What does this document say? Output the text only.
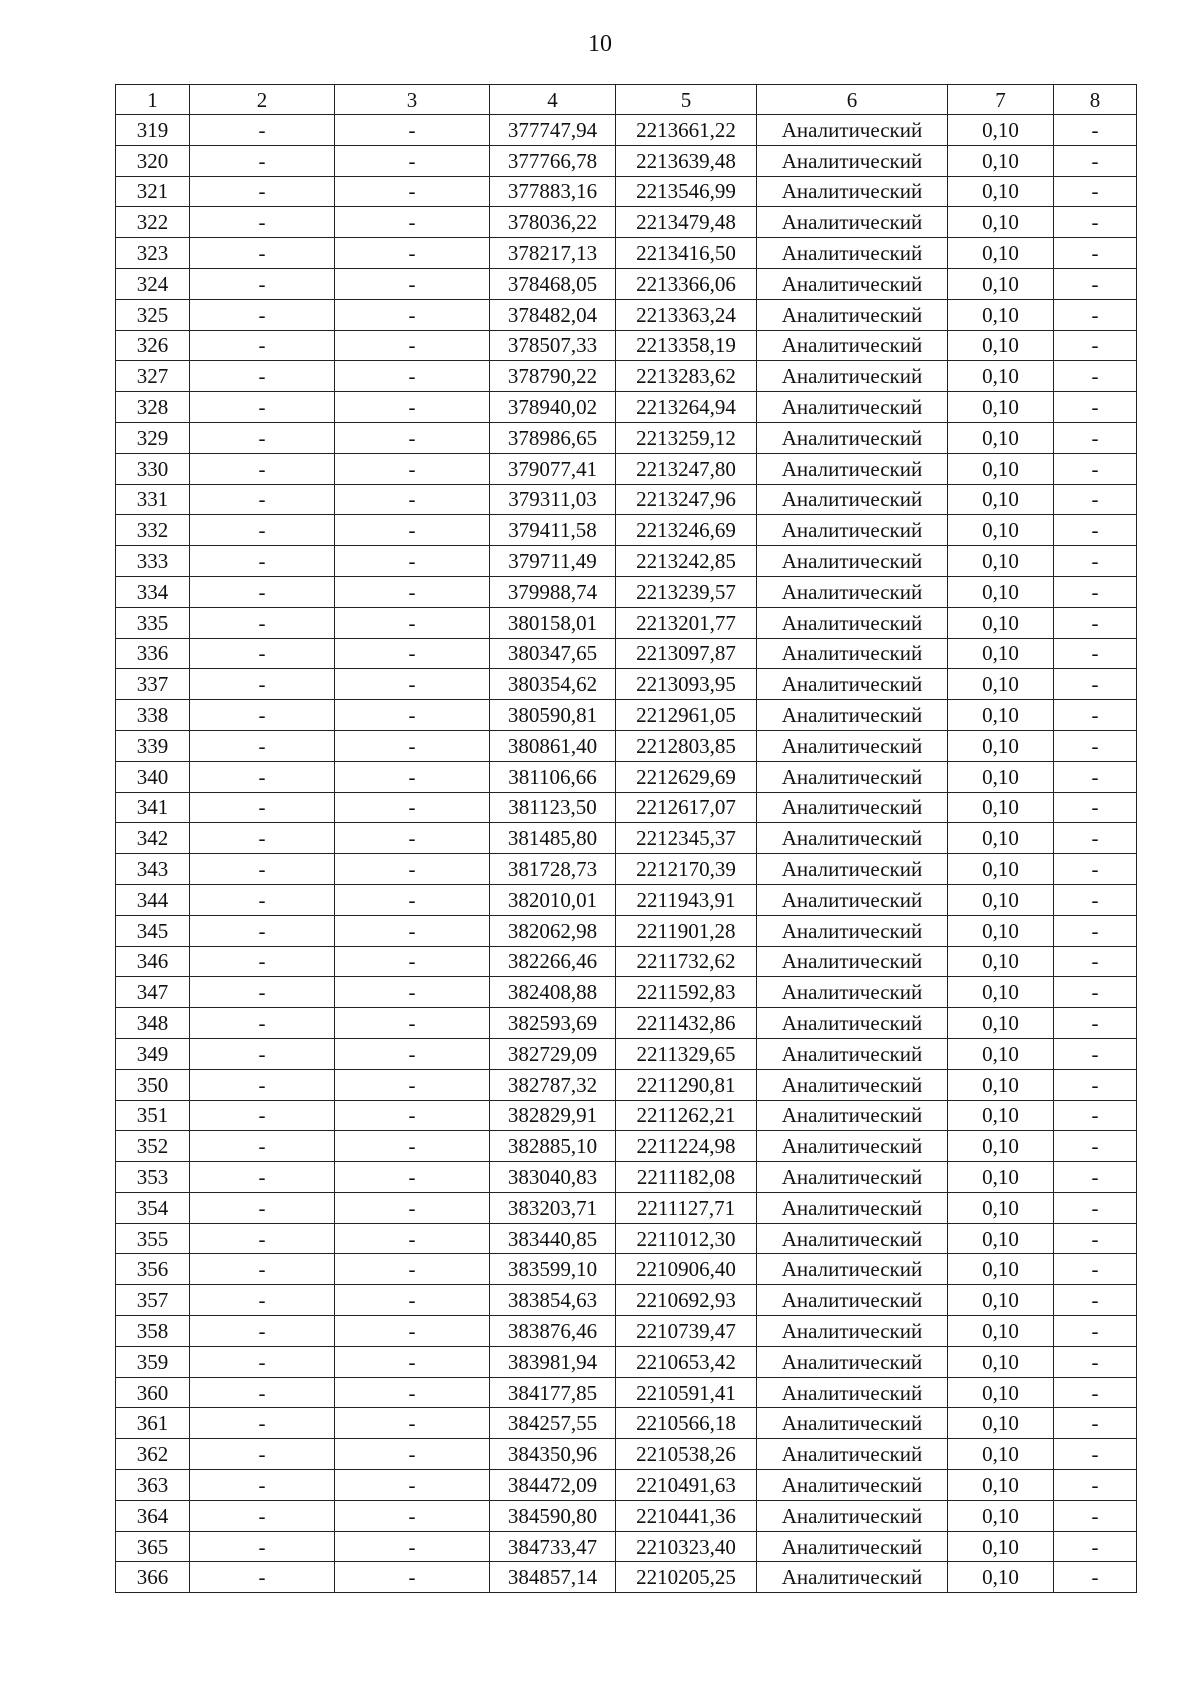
10
1	2	3	4	5	6	7	8
319	-	-	377747,94	2213661,22	Аналитический	0,10	-
320	-	-	377766,78	2213639,48	Аналитический	0,10	-
321	-	-	377883,16	2213546,99	Аналитический	0,10	-
322	-	-	378036,22	2213479,48	Аналитический	0,10	-
323	-	-	378217,13	2213416,50	Аналитический	0,10	-
324	-	-	378468,05	2213366,06	Аналитический	0,10	-
325	-	-	378482,04	2213363,24	Аналитический	0,10	-
326	-	-	378507,33	2213358,19	Аналитический	0,10	-
327	-	-	378790,22	2213283,62	Аналитический	0,10	-
328	-	-	378940,02	2213264,94	Аналитический	0,10	-
329	-	-	378986,65	2213259,12	Аналитический	0,10	-
330	-	-	379077,41	2213247,80	Аналитический	0,10	-
331	-	-	379311,03	2213247,96	Аналитический	0,10	-
332	-	-	379411,58	2213246,69	Аналитический	0,10	-
333	-	-	379711,49	2213242,85	Аналитический	0,10	-
334	-	-	379988,74	2213239,57	Аналитический	0,10	-
335	-	-	380158,01	2213201,77	Аналитический	0,10	-
336	-	-	380347,65	2213097,87	Аналитический	0,10	-
337	-	-	380354,62	2213093,95	Аналитический	0,10	-
338	-	-	380590,81	2212961,05	Аналитический	0,10	-
339	-	-	380861,40	2212803,85	Аналитический	0,10	-
340	-	-	381106,66	2212629,69	Аналитический	0,10	-
341	-	-	381123,50	2212617,07	Аналитический	0,10	-
342	-	-	381485,80	2212345,37	Аналитический	0,10	-
343	-	-	381728,73	2212170,39	Аналитический	0,10	-
344	-	-	382010,01	2211943,91	Аналитический	0,10	-
345	-	-	382062,98	2211901,28	Аналитический	0,10	-
346	-	-	382266,46	2211732,62	Аналитический	0,10	-
347	-	-	382408,88	2211592,83	Аналитический	0,10	-
348	-	-	382593,69	2211432,86	Аналитический	0,10	-
349	-	-	382729,09	2211329,65	Аналитический	0,10	-
350	-	-	382787,32	2211290,81	Аналитический	0,10	-
351	-	-	382829,91	2211262,21	Аналитический	0,10	-
352	-	-	382885,10	2211224,98	Аналитический	0,10	-
353	-	-	383040,83	2211182,08	Аналитический	0,10	-
354	-	-	383203,71	2211127,71	Аналитический	0,10	-
355	-	-	383440,85	2211012,30	Аналитический	0,10	-
356	-	-	383599,10	2210906,40	Аналитический	0,10	-
357	-	-	383854,63	2210692,93	Аналитический	0,10	-
358	-	-	383876,46	2210739,47	Аналитический	0,10	-
359	-	-	383981,94	2210653,42	Аналитический	0,10	-
360	-	-	384177,85	2210591,41	Аналитический	0,10	-
361	-	-	384257,55	2210566,18	Аналитический	0,10	-
362	-	-	384350,96	2210538,26	Аналитический	0,10	-
363	-	-	384472,09	2210491,63	Аналитический	0,10	-
364	-	-	384590,80	2210441,36	Аналитический	0,10	-
365	-	-	384733,47	2210323,40	Аналитический	0,10	-
366	-	-	384857,14	2210205,25	Аналитический	0,10	-
